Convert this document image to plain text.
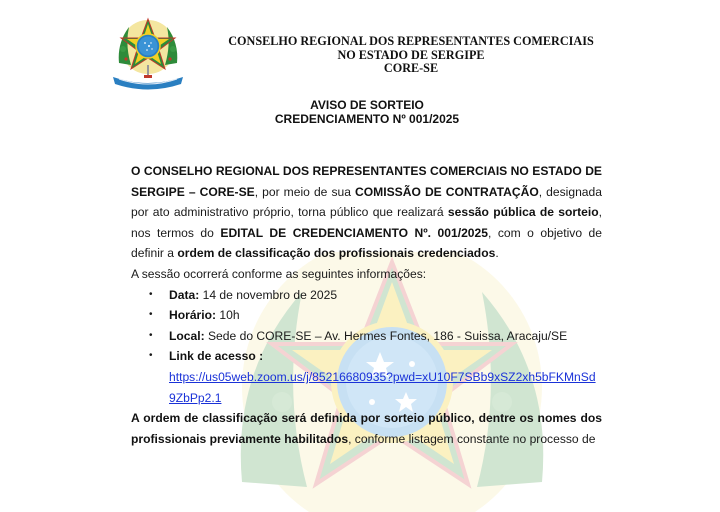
CONSELHO REGIONAL DOS REPRESENTANTES COMERCIAIS
NO ESTADO DE SERGIPE
CORE-SE
AVISO DE SORTEIO
CREDENCIAMENTO Nº 001/2025

O CONSELHO REGIONAL DOS REPRESENTANTES COMERCIAIS NO ESTADO DE SERGIPE – CORE-SE, por meio de sua COMISSÃO DE CONTRATAÇÃO, designada por ato administrativo próprio, torna público que realizará sessão pública de sorteio, nos termos do EDITAL DE CREDENCIAMENTO Nº. 001/2025, com o objetivo de definir a ordem de classificação dos profissionais credenciados.

A sessão ocorrerá conforme as seguintes informações:

• Data: 14 de novembro de 2025
• Horário: 10h
• Local: Sede do CORE-SE – Av. Hermes Fontes, 186 - Suissa, Aracaju/SE
• Link de acesso :
https://us05web.zoom.us/j/85216680935?pwd=xU10F7SBb9xSZ2xh5bFKMnSd9ZbPp2.1

A ordem de classificação será definida por sorteio público, dentre os nomes dos profissionais previamente habilitados, conforme listagem constante no processo de
